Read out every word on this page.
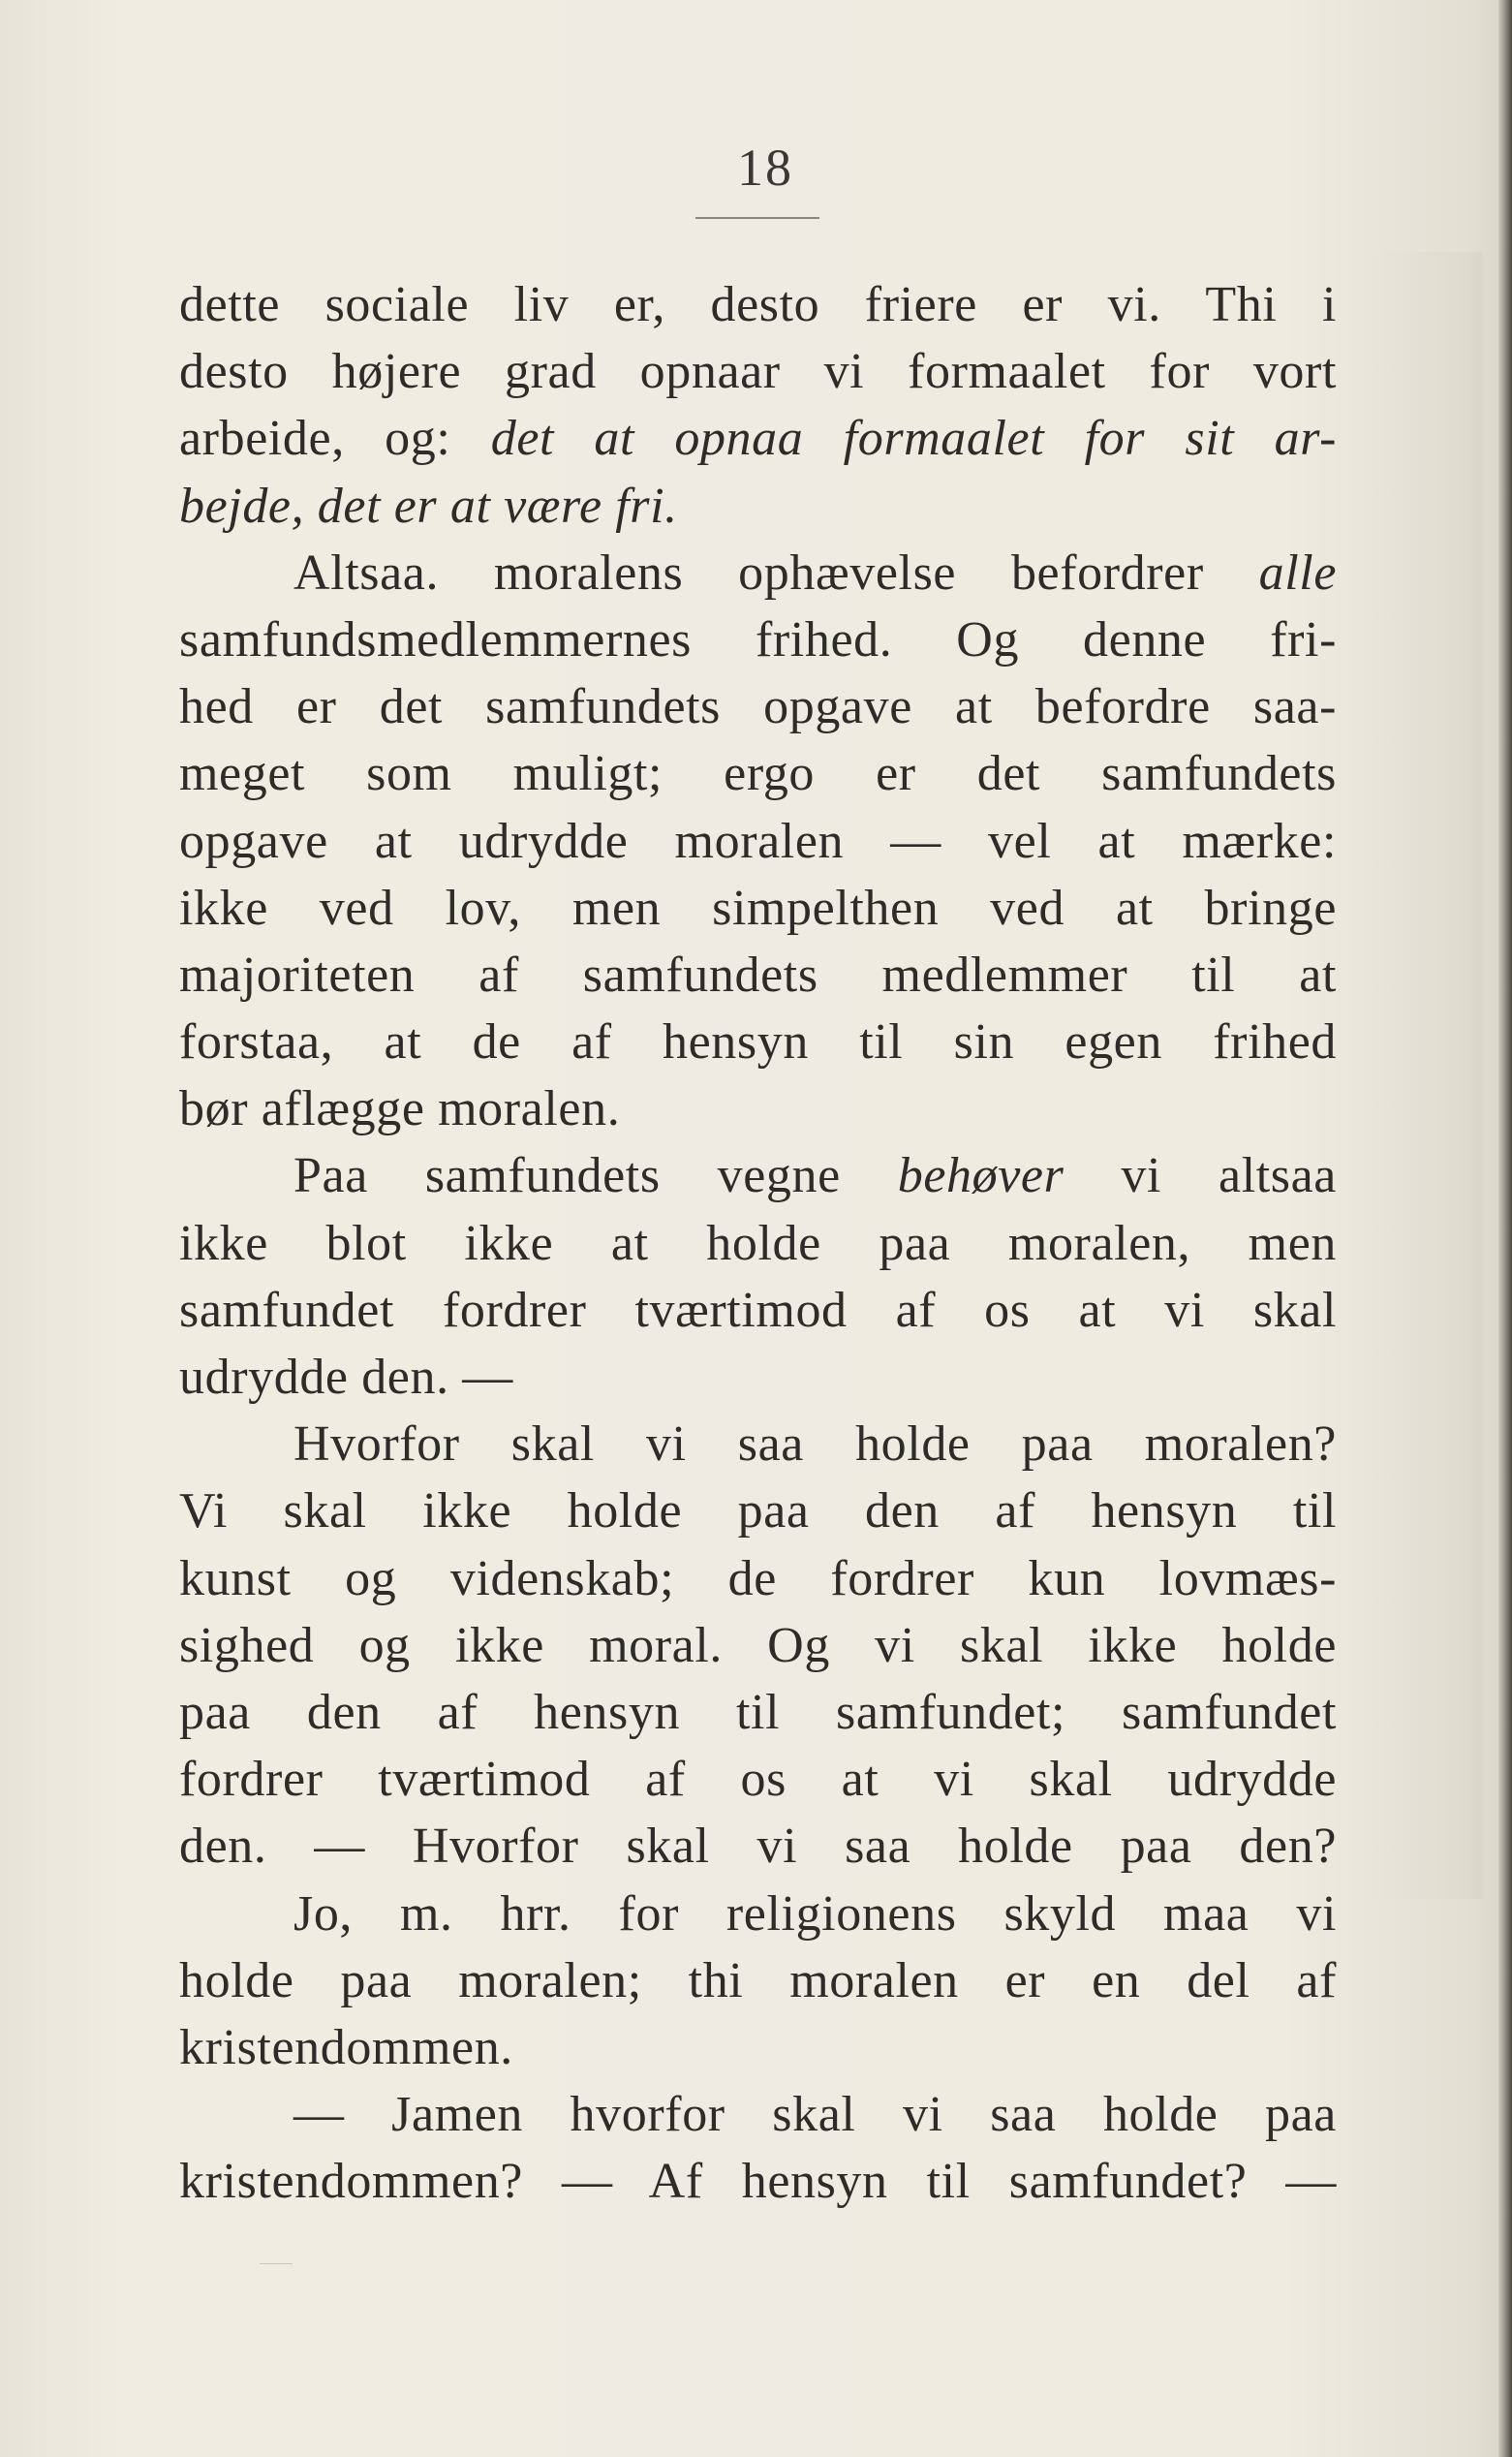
18
dette sociale liv er, desto friere er vi. Thi i
desto højere grad opnaar vi formaalet for vort
arbeide, og: det at opnaa formaalet for sit ar-
bejde, det er at være fri.
Altsaa. moralens ophævelse befordrer alle
samfundsmedlemmernes frihed. Og denne fri-
hed er det samfundets opgave at befordre saa-
meget som muligt; ergo er det samfundets
opgave at udrydde moralen — vel at mærke:
ikke ved lov, men simpelthen ved at bringe
majoriteten af samfundets medlemmer til at
forstaa, at de af hensyn til sin egen frihed
bør aflægge moralen.
Paa samfundets vegne behøver vi altsaa
ikke blot ikke at holde paa moralen, men
samfundet fordrer tværtimod af os at vi skal
udrydde den. —
Hvorfor skal vi saa holde paa moralen?
Vi skal ikke holde paa den af hensyn til
kunst og videnskab; de fordrer kun lovmæs-
sighed og ikke moral. Og vi skal ikke holde
paa den af hensyn til samfundet; samfundet
fordrer tværtimod af os at vi skal udrydde
den. — Hvorfor skal vi saa holde paa den?
Jo, m. hrr. for religionens skyld maa vi
holde paa moralen; thi moralen er en del af
kristendommen.
— Jamen hvorfor skal vi saa holde paa
kristendommen? — Af hensyn til samfundet? —
